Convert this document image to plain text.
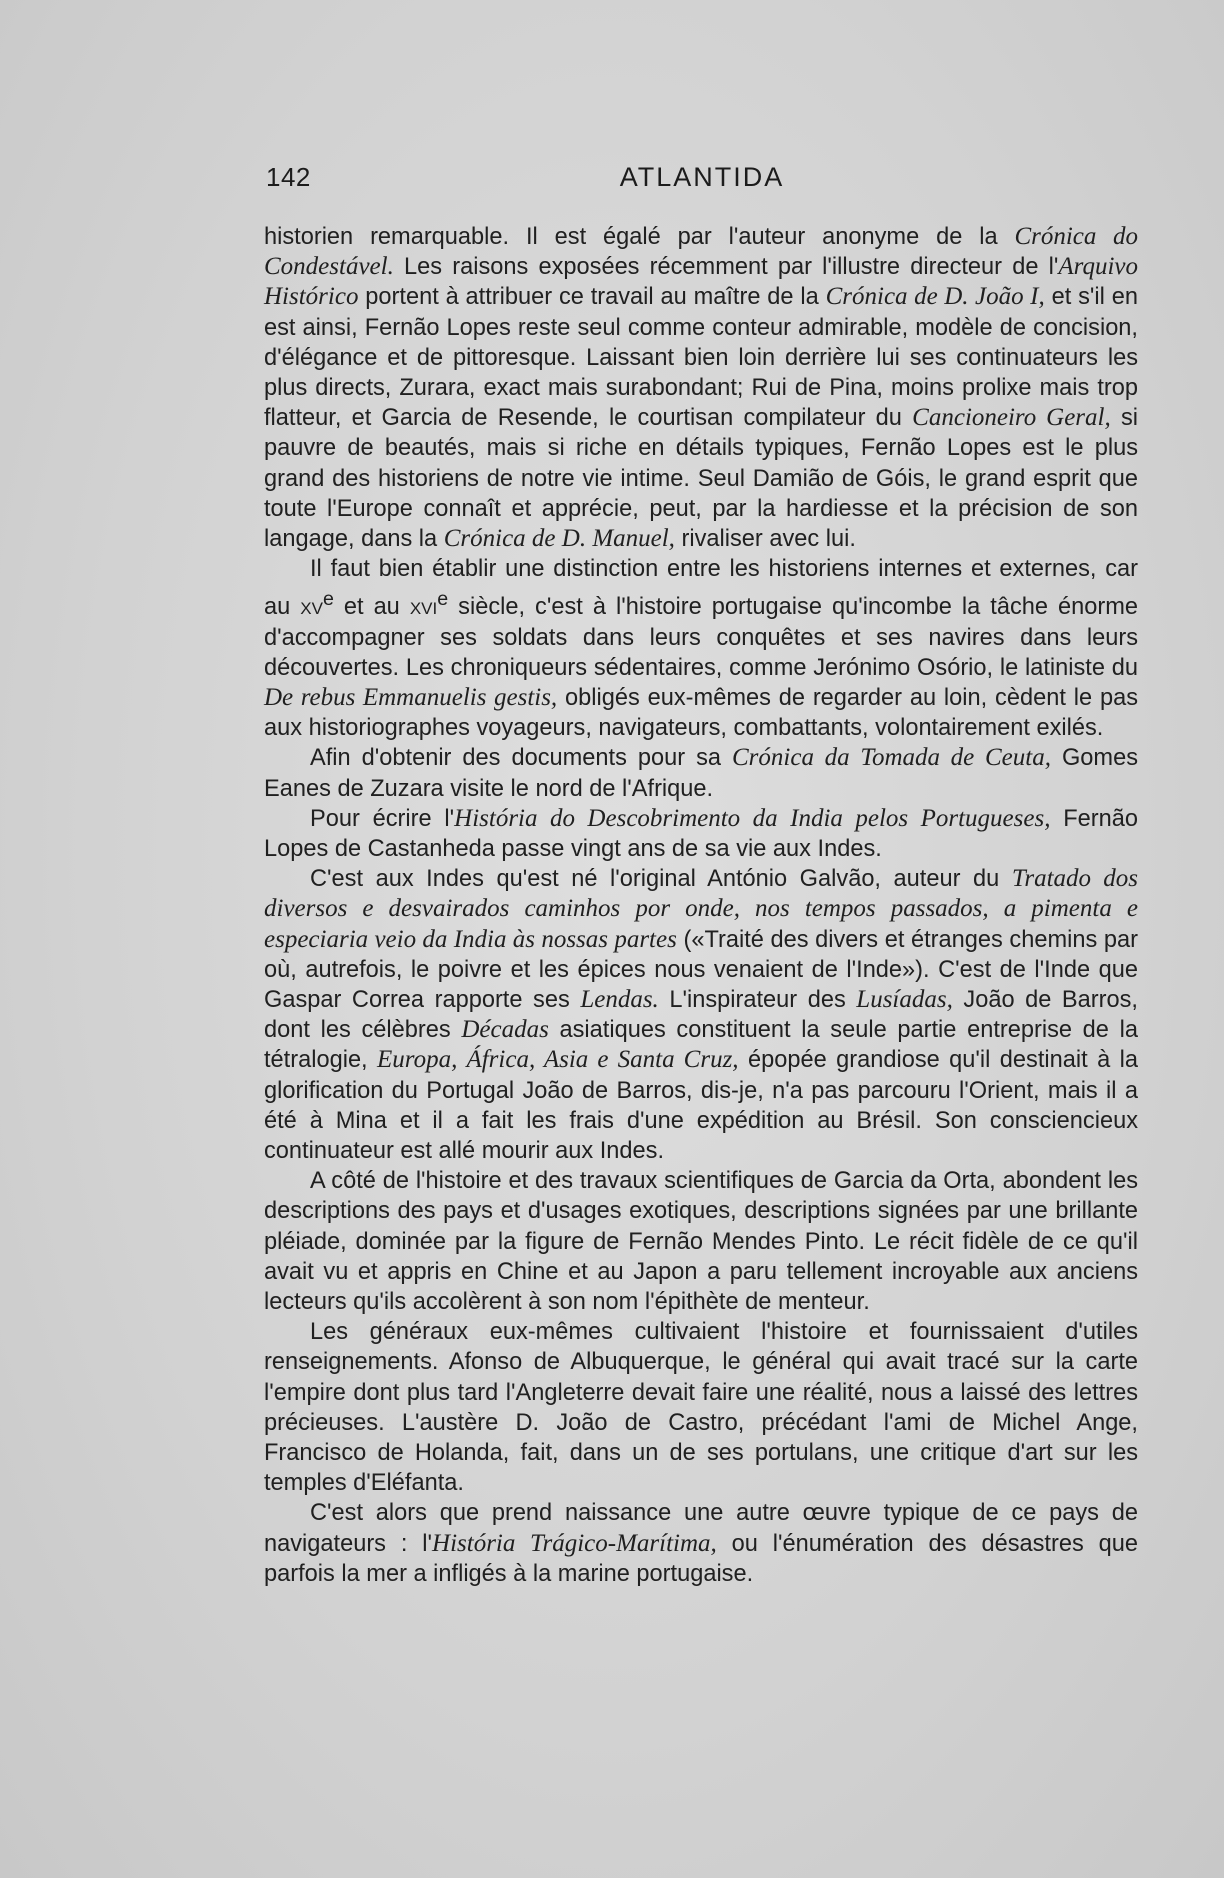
142	ATLANTIDA

historien remarquable. Il est égalé par l'auteur anonyme de la Crónica do Condestável. Les raisons exposées récemment par l'illustre directeur de l'Arquivo Histórico portent à attribuer ce travail au maître de la Crónica de D. João I, et s'il en est ainsi, Fernão Lopes reste seul comme conteur admirable, modèle de concision, d'élégance et de pittoresque. Laissant bien loin derrière lui ses continuateurs les plus directs, Zurara, exact mais surabondant; Rui de Pina, moins prolixe mais trop flatteur, et Garcia de Resende, le courtisan compilateur du Cancioneiro Geral, si pauvre de beautés, mais si riche en détails typiques, Fernão Lopes est le plus grand des historiens de notre vie intime. Seul Damião de Góis, le grand esprit que toute l'Europe connaît et apprécie, peut, par la hardiesse et la précision de son langage, dans la Crónica de D. Manuel, rivaliser avec lui.

Il faut bien établir une distinction entre les historiens internes et externes, car au $xv^e$ et au xvi$^e$ siècle, c'est à l'histoire portugaise qu'incombe la tâche énorme d'accompagner ses soldats dans leurs conquêtes et ses navires dans leurs découvertes. Les chroniqueurs sédentaires, comme Jerónimo Osório, le latiniste du De rebus Emmanuelis gestis, obligés eux-mêmes de regarder au loin, cèdent le pas aux historiographes voyageurs, navigateurs, combattants, volontairement exilés.

Afin d'obtenir des documents pour sa Crónica da Tomada de Ceuta, Gomes Eanes de Zuzara visite le nord de l'Afrique.

Pour écrire l'História do Descobrimento da India pelos Portugueses, Fernão Lopes de Castanheda passe vingt ans de sa vie aux Indes.

C'est aux Indes qu'est né l'original António Galvão, auteur du Tratado dos diversos e desvairados caminhos por onde, nos tempos passados, a pimenta e especiaria veio da India às nossas partes («Traité des divers et étranges chemins par où, autrefois, le poivre et les épices nous venaient de l'Inde»). C'est de l'Inde que Gaspar Correa rapporte ses Lendas. L'inspirateur des Lusíadas, João de Barros, dont les célèbres Décadas asiatiques constituent la seule partie entreprise de la tétralogie, Europa, África, Asia e Santa Cruz, épopée grandiose qu'il destinait à la glorification du Portugal João de Barros, dis-je, n'a pas parcouru l'Orient, mais il a été à Mina et il a fait les frais d'une expédition au Brésil. Son consciencieux continuateur est allé mourir aux Indes.

A côté de l'histoire et des travaux scientifiques de Garcia da Orta, abondent les descriptions des pays et d'usages exotiques, descriptions signées par une brillante pléiade, dominée par la figure de Fernão Mendes Pinto. Le récit fidèle de ce qu'il avait vu et appris en Chine et au Japon a paru tellement incroyable aux anciens lecteurs qu'ils accolèrent à son nom l'épithète de menteur.

Les généraux eux-mêmes cultivaient l'histoire et fournissaient d'utiles renseignements. Afonso de Albuquerque, le général qui avait tracé sur la carte l'empire dont plus tard l'Angleterre devait faire une réalité, nous a laissé des lettres précieuses. L'austère D. João de Castro, précédant l'ami de Michel Ange, Francisco de Holanda, fait, dans un de ses portulans, une critique d'art sur les temples d'Eléfanta.

C'est alors que prend naissance une autre œuvre typique de ce pays de navigateurs : l'História Trágico-Marítima, ou l'énumération des désastres que parfois la mer a infligés à la marine portugaise.
